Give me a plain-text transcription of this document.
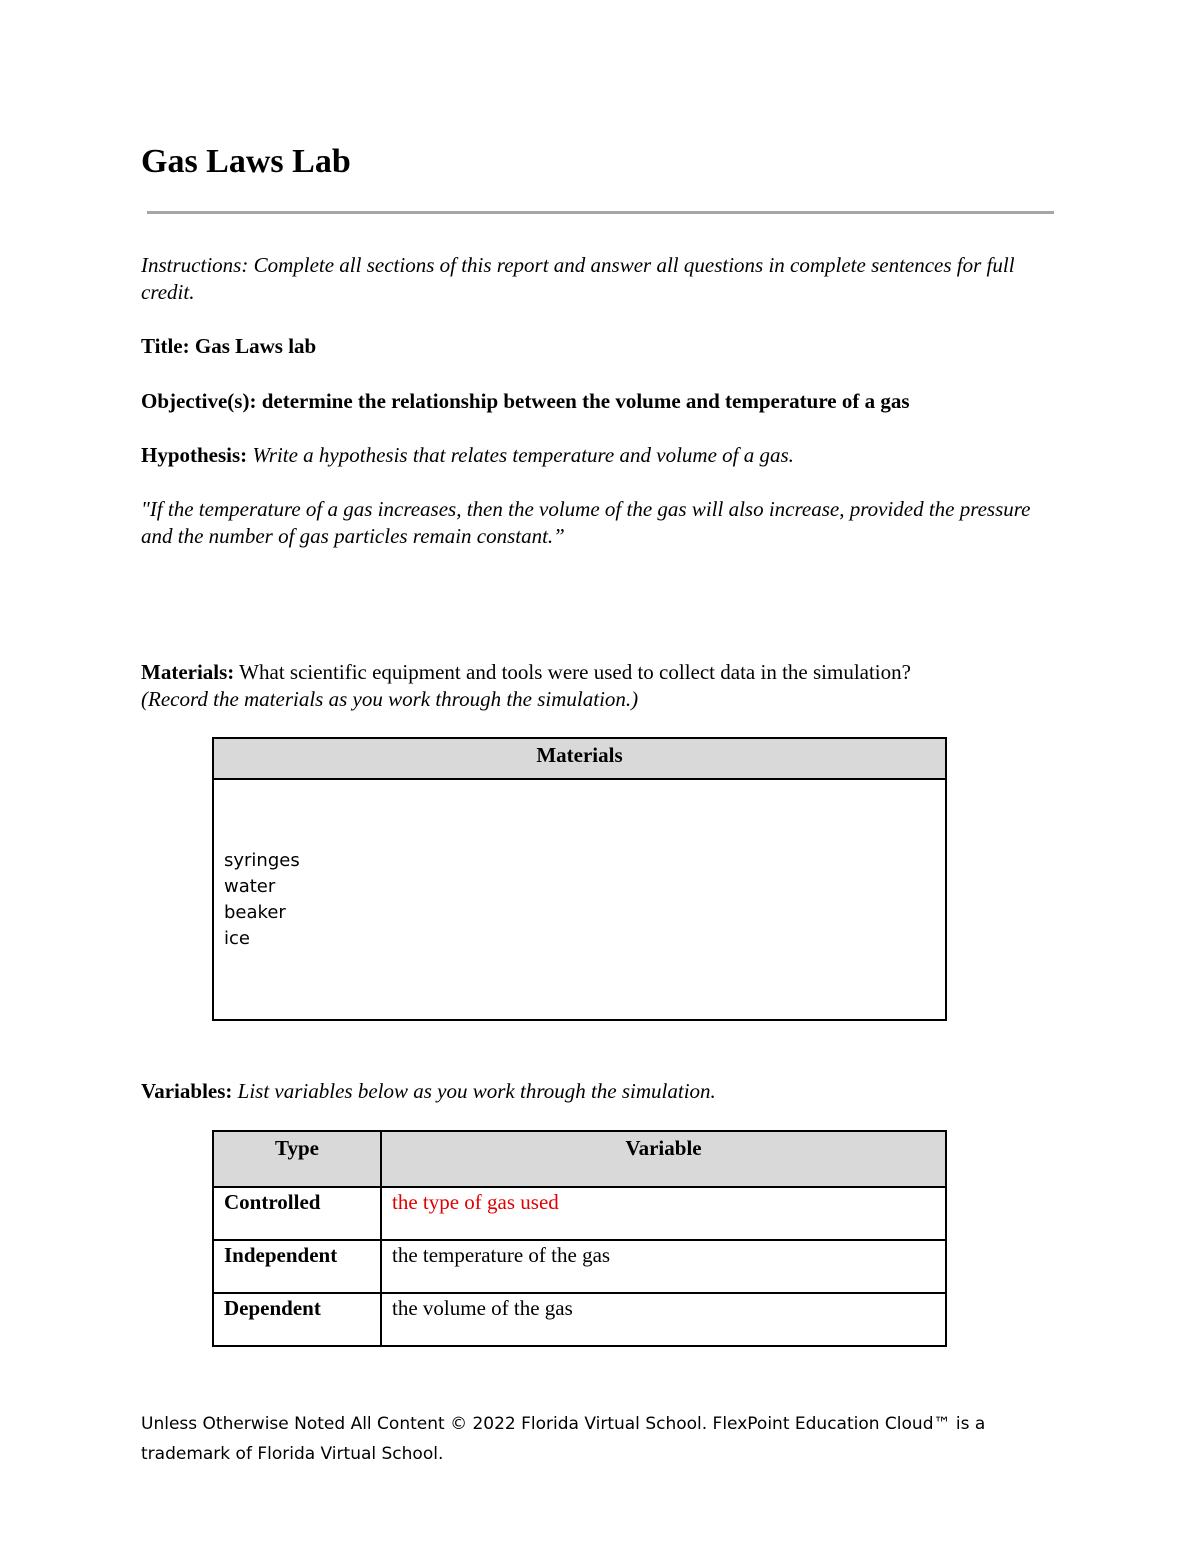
Gas Laws Lab

Instructions: Complete all sections of this report and answer all questions in complete sentences for full credit.

Title: Gas Laws lab

Objective(s): determine the relationship between the volume and temperature of a gas

Hypothesis: Write a hypothesis that relates temperature and volume of a gas.

"If the temperature of a gas increases, then the volume of the gas will also increase, provided the pressure and the number of gas particles remain constant.”

Materials: What scientific equipment and tools were used to collect data in the simulation?
(Record the materials as you work through the simulation.)

Materials

syringes
water
beaker
ice

Variables: List variables below as you work through the simulation.

Type	Variable
Controlled	the type of gas used
Independent	the temperature of the gas
Dependent	the volume of the gas

Unless Otherwise Noted All Content © 2022 Florida Virtual School. FlexPoint Education Cloud™ is a trademark of Florida Virtual School.
